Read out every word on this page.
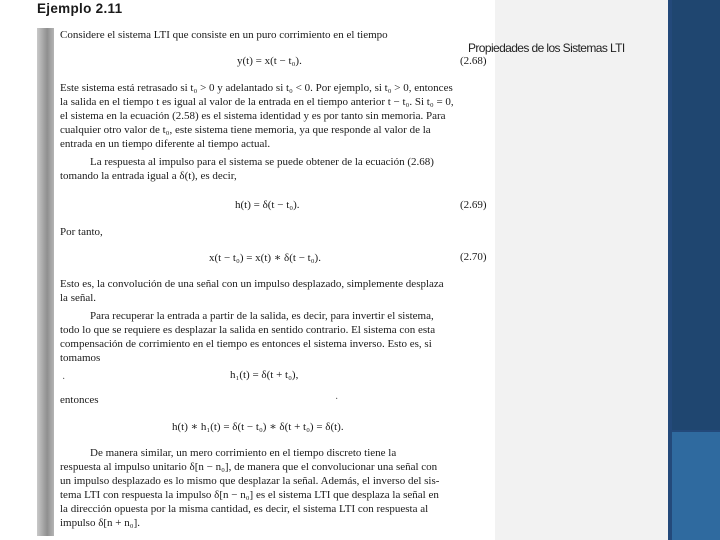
Ejemplo 2.11
Considere el sistema LTI que consiste en un puro corrimiento en el tiempo
y(t) = x(t − t₀).	(2.68)
Este sistema está retrasado si t₀ > 0 y adelantado si t₀ < 0. Por ejemplo, si t₀ > 0, entonces
la salida en el tiempo t es igual al valor de la entrada en el tiempo anterior t − t₀. Si t₀ = 0,
el sistema en la ecuación (2.58) es el sistema identidad y es por tanto sin memoria. Para
cualquier otro valor de t₀, este sistema tiene memoria, ya que responde al valor de la
entrada en un tiempo diferente al tiempo actual.
La respuesta al impulso para el sistema se puede obtener de la ecuación (2.68)
tomando la entrada igual a δ(t), es decir,
h(t) = δ(t − t₀).	(2.69)
Por tanto,
x(t − t₀) = x(t) ∗ δ(t − t₀).	(2.70)
Esto es, la convolución de una señal con un impulso desplazado, simplemente desplaza
la señal.
Para recuperar la entrada a partir de la salida, es decir, para invertir el sistema,
todo lo que se requiere es desplazar la salida en sentido contrario. El sistema con esta
compensación de corrimiento en el tiempo es entonces el sistema inverso. Esto es, si
tomamos
h₁(t) = δ(t + t₀),
·
entonces	·
h(t) ∗ h₁(t) = δ(t − t₀) ∗ δ(t + t₀) = δ(t).
De manera similar, un mero corrimiento en el tiempo discreto tiene la
respuesta al impulso unitario δ[n − n₀], de manera que el convolucionar una señal con
un impulso desplazado es lo mismo que desplazar la señal. Además, el inverso del sis-
tema LTI con respuesta la impulso δ[n − n₀] es el sistema LTI que desplaza la señal en
la dirección opuesta por la misma cantidad, es decir, el sistema LTI con respuesta al
impulso δ[n + n₀].
Propiedades de los Sistemas LTI
